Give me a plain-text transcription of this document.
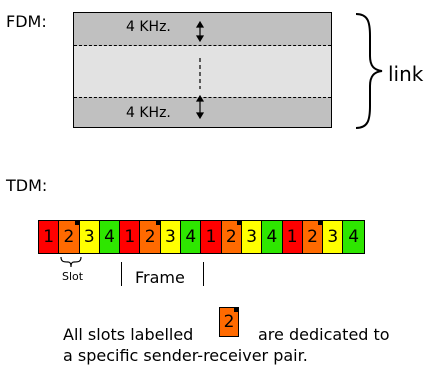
FDM:	4 KHz.
4 KHz.
link
TDM:
1 2 3 4 1 2 3 4 1 2 3 4 1 2 3 4
Slot	Frame
All slots labelled
2
are dedicated to
a specific sender-receiver pair.
